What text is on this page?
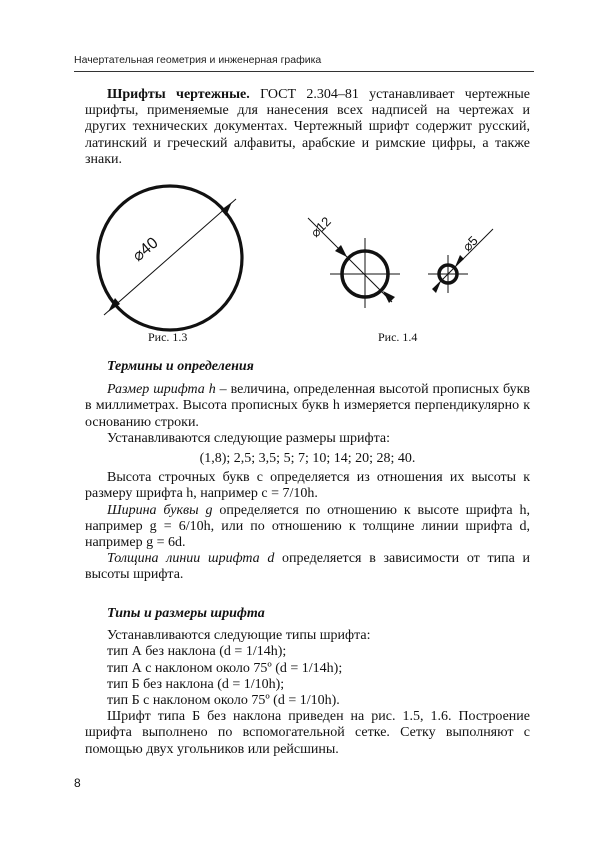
Начертательная геометрия и инженерная графика

Шрифты чертежные. ГОСТ 2.304–81 устанавливает чертежные шрифты, применяемые для нанесения всех надписей на чертежах и других технических документах. Чертежный шрифт содержит русский, латинский и греческий алфавиты, арабские и римские цифры, а также знаки.

⌀40
⌀12
⌀5
Рис. 1.3	Рис. 1.4

Термины и определения

Размер шрифта h – величина, определенная высотой прописных букв в миллиметрах. Высота прописных букв h измеряется перпендикулярно к основанию строки.

Устанавливаются следующие размеры шрифта:

(1,8); 2,5; 3,5; 5; 7; 10; 14; 20; 28; 40.

Высота строчных букв c определяется из отношения их высоты к размеру шрифта h, например c = 7/10h.

Ширина буквы g определяется по отношению к высоте шрифта h, например g = 6/10h, или по отношению к толщине линии шрифта d, например g = 6d.

Толщина линии шрифта d определяется в зависимости от типа и высоты шрифта.

Типы и размеры шрифта

Устанавливаются следующие типы шрифта:

тип А без наклона (d = 1/14h);

тип А с наклоном около 75º (d = 1/14h);

тип Б без наклона (d = 1/10h);

тип Б с наклоном около 75º (d = 1/10h).

Шрифт типа Б без наклона приведен на рис. 1.5, 1.6. Построение шрифта выполнено по вспомогательной сетке. Сетку выполняют с помощью двух угольников или рейсшины.

8
